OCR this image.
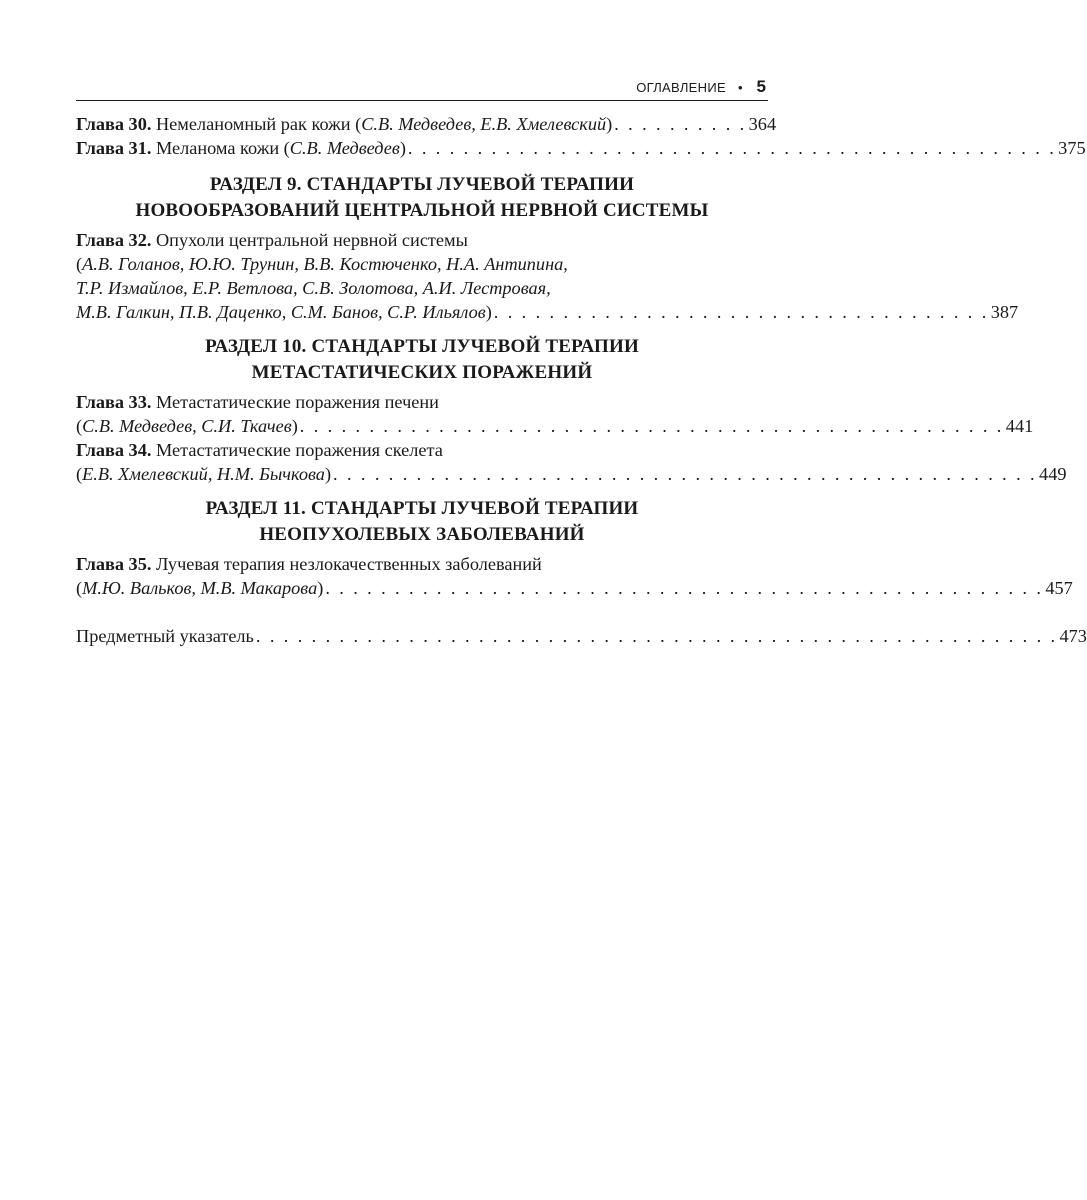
ОГЛАВЛЕНИЕ • 5
Глава 30. Немеланомный рак кожи (С.В. Медведев, Е.В. Хмелевский) . . . . . . . . . . 364
Глава 31. Меланома кожи (С.В. Медведев) . . . . . . . . . . . . . . . . . . . . . . . . . . . . . . . . . . . . . . . . . . . . . . . 375
РАЗДЕЛ 9. СТАНДАРТЫ ЛУЧЕВОЙ ТЕРАПИИ
НОВООБРАЗОВАНИЙ ЦЕНТРАЛЬНОЙ НЕРВНОЙ СИСТЕМЫ
Глава 32. Опухоли центральной нервной системы
(А.В. Голанов, Ю.Ю. Трунин, В.В. Костюченко, Н.А. Антипина,
Т.Р. Измайлов, Е.Р. Ветлова, С.В. Золотова, А.И. Лестровая,
М.В. Галкин, П.В. Даценко, С.М. Банов, С.Р. Ильялов) . . . . . . . . . . . . . . . . . . . . . . . . . . . . . . . . . . . . 387
РАЗДЕЛ 10. СТАНДАРТЫ ЛУЧЕВОЙ ТЕРАПИИ
МЕТАСТАТИЧЕСКИХ ПОРАЖЕНИЙ
Глава 33. Метастатические поражения печени
(С.В. Медведев, С.И. Ткачев) . . . . . . . . . . . . . . . . . . . . . . . . . . . . . . . . . . . . . . . . . . . . . . . . . . . 441
Глава 34. Метастатические поражения скелета
(Е.В. Хмелевский, Н.М. Бычкова) . . . . . . . . . . . . . . . . . . . . . . . . . . . . . . . . . . . . . . . . . . . . . . . . . . . 449
РАЗДЕЛ 11. СТАНДАРТЫ ЛУЧЕВОЙ ТЕРАПИИ
НЕОПУХОЛЕВЫХ ЗАБОЛЕВАНИЙ
Глава 35. Лучевая терапия незлокачественных заболеваний
(М.Ю. Вальков, М.В. Макарова) . . . . . . . . . . . . . . . . . . . . . . . . . . . . . . . . . . . . . . . . . . . . . . . . . . . . 457
Предметный указатель . . . . . . . . . . . . . . . . . . . . . . . . . . . . . . . . . . . . . . . . . . . . . . . . . . . . . . . . . . 473
